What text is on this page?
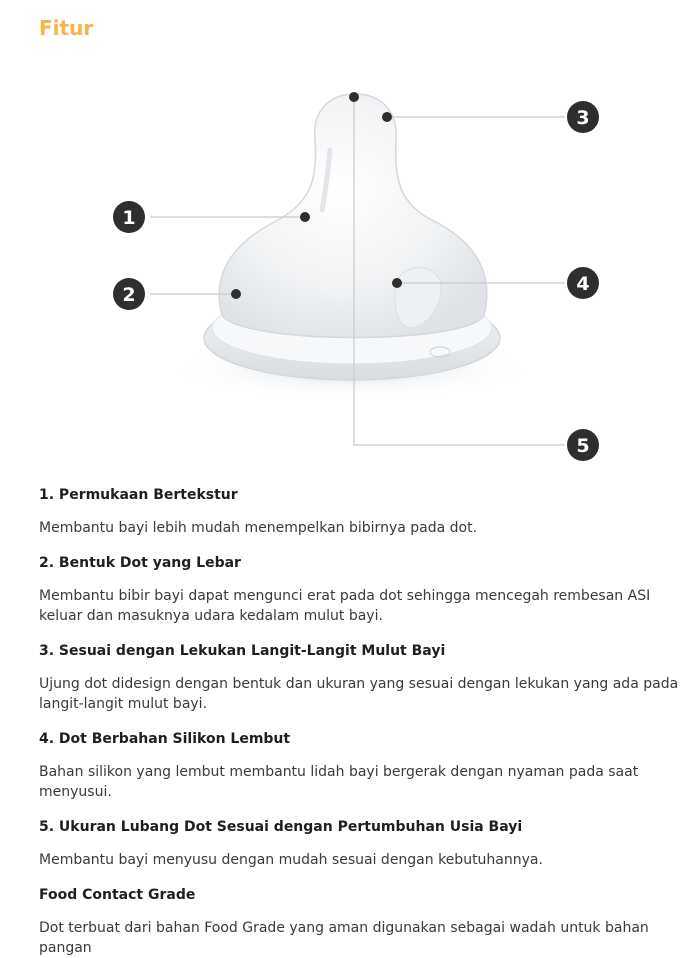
Fitur
1
2
3
4
5

1. Permukaan Bertekstur

Membantu bayi lebih mudah menempelkan bibirnya pada dot.

2. Bentuk Dot yang Lebar

Membantu bibir bayi dapat mengunci erat pada dot sehingga mencegah rembesan ASI keluar dan masuknya udara kedalam mulut bayi.

3. Sesuai dengan Lekukan Langit-Langit Mulut Bayi

Ujung dot didesign dengan bentuk dan ukuran yang sesuai dengan lekukan yang ada pada langit-langit mulut bayi.

4. Dot Berbahan Silikon Lembut

Bahan silikon yang lembut membantu lidah bayi bergerak dengan nyaman pada saat menyusui.

5. Ukuran Lubang Dot Sesuai dengan Pertumbuhan Usia Bayi

Membantu bayi menyusu dengan mudah sesuai dengan kebutuhannya.

Food Contact Grade

Dot terbuat dari bahan Food Grade yang aman digunakan sebagai wadah untuk bahan pangan
